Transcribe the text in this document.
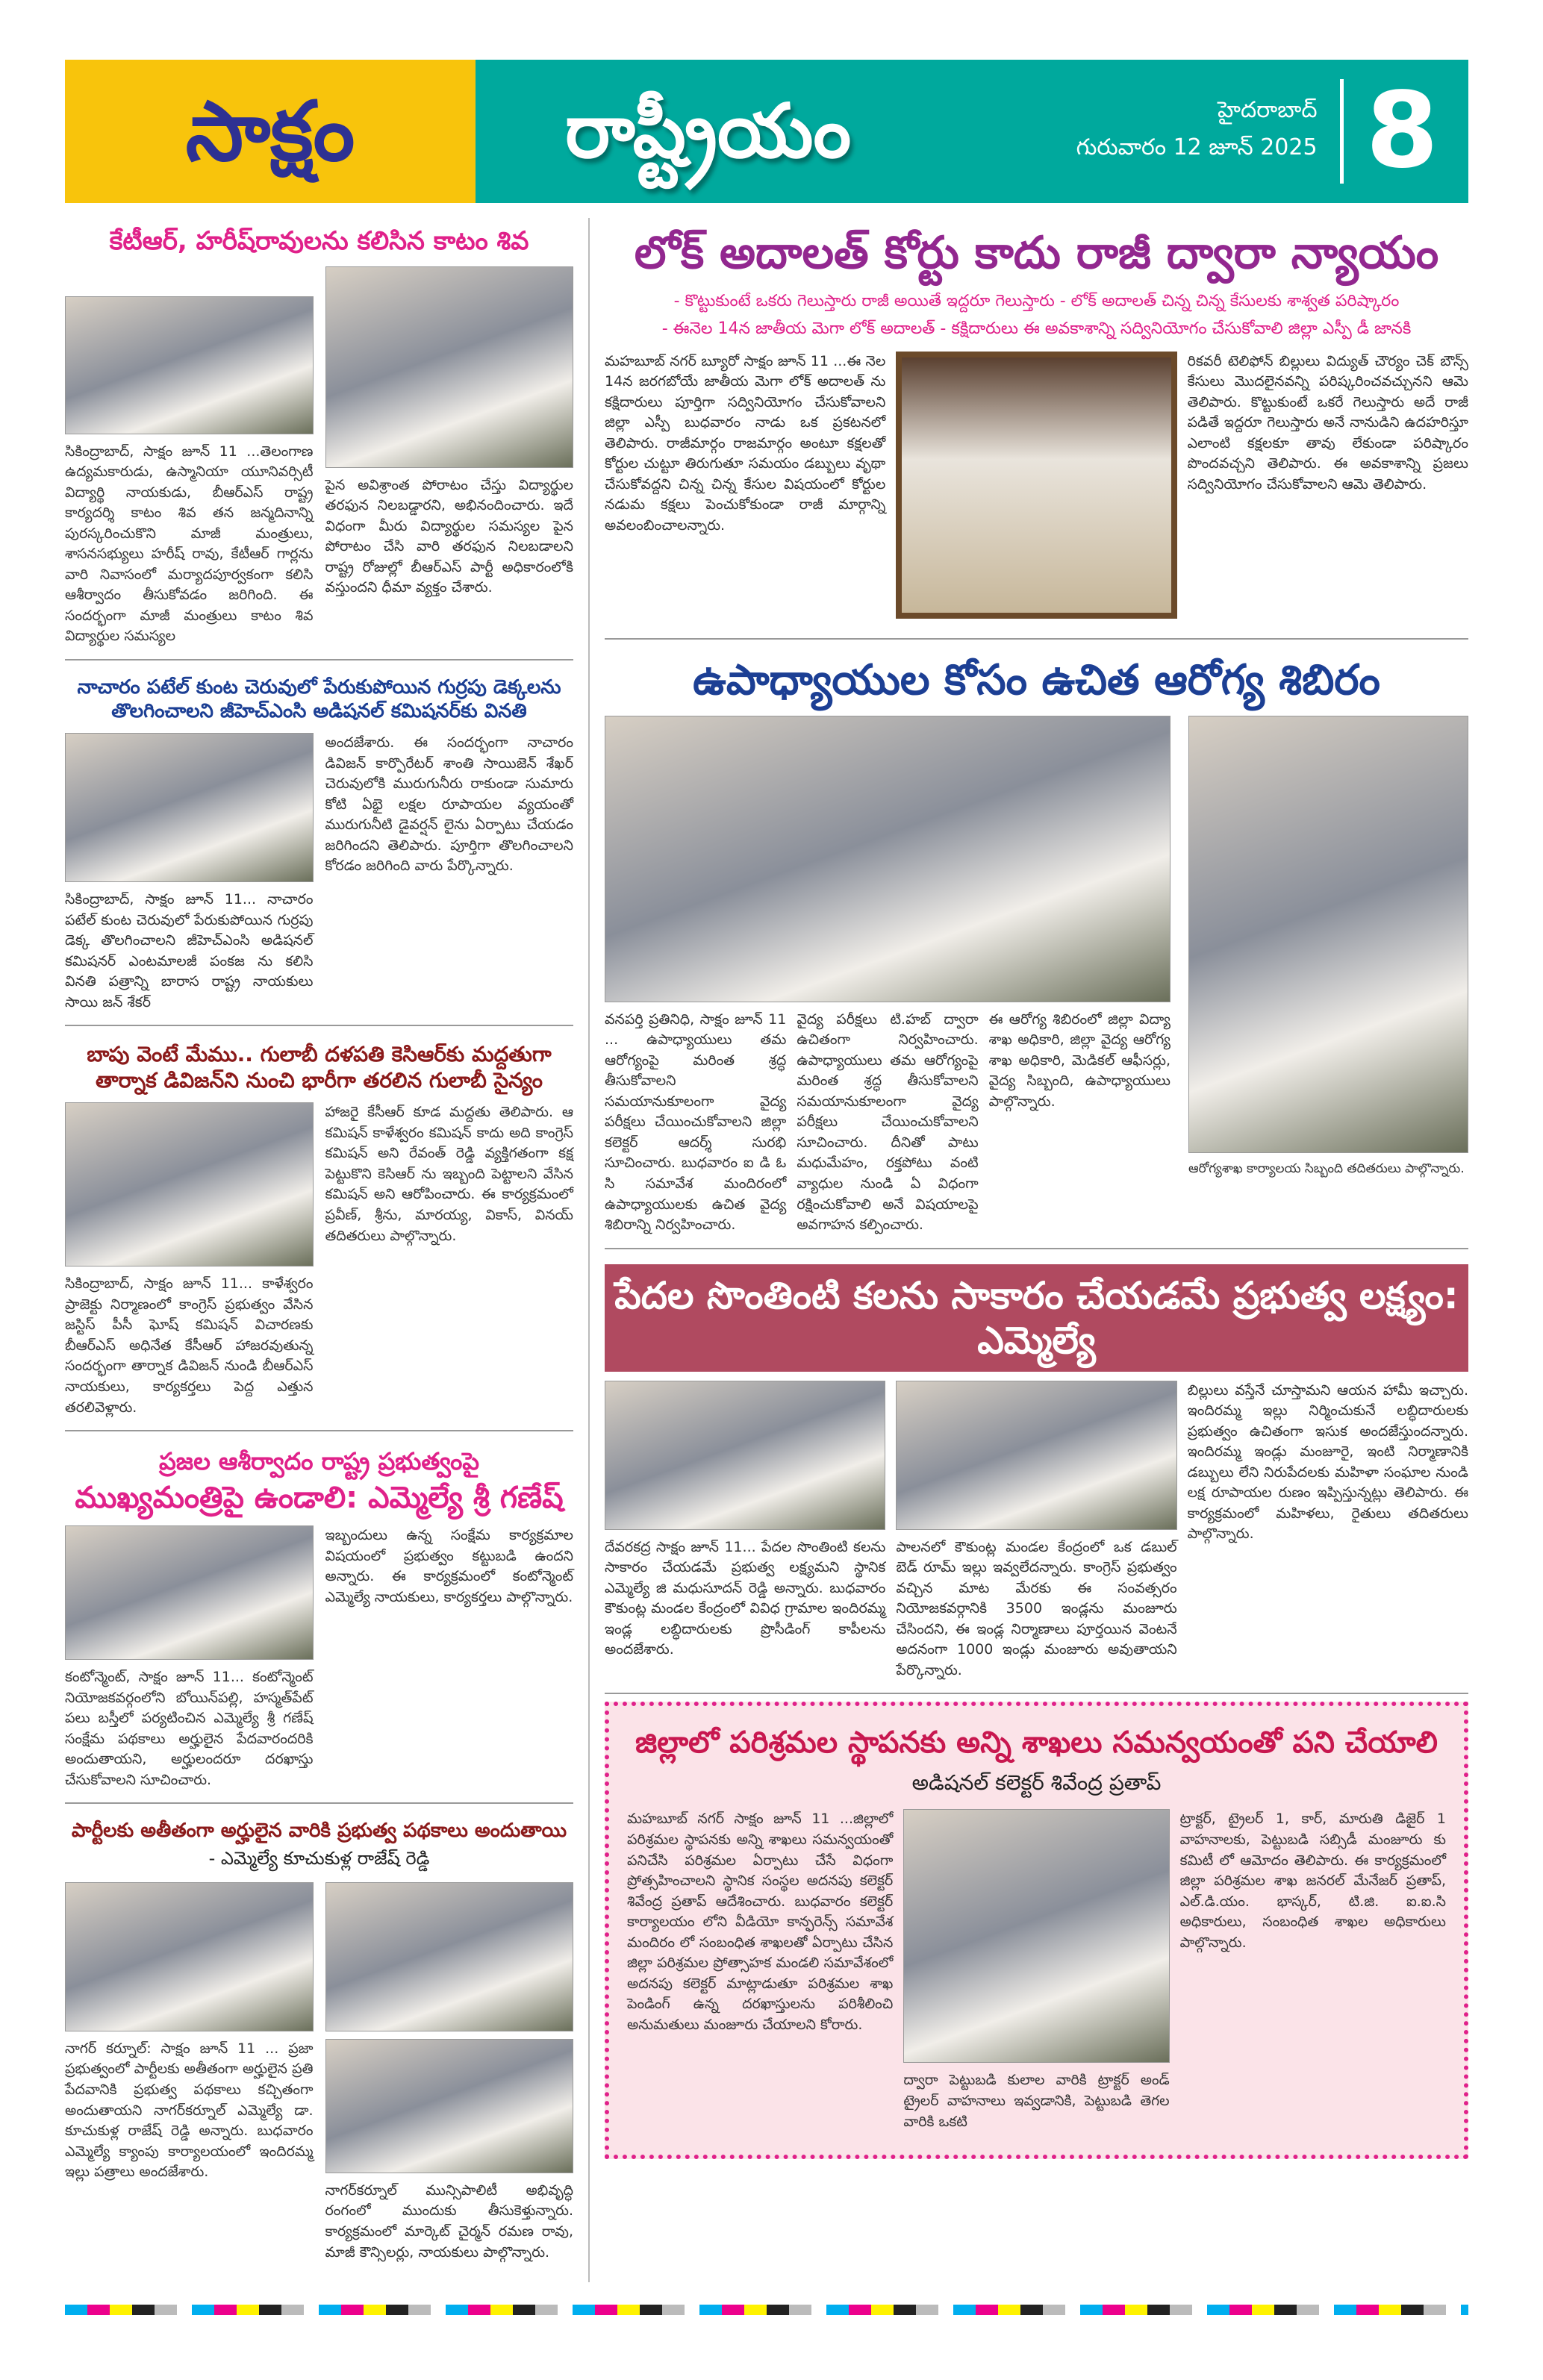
సాక్షం	రాష్ట్రీయం	హైదరాబాద్
గురువారం 12 జూన్ 2025 8
కేటీఆర్, హరీష్‌రావులను కలిసిన కాటం శివ
సికింద్రాబాద్, సాక్షం జూన్ 11 ...తెలంగాణ ఉద్యమకారుడు, ఉస్మానియా యూనివర్సిటీ విద్యార్థి నాయకుడు, బీఆర్ఎస్ రాష్ట్ర కార్యదర్శి కాటం శివ తన జన్మదినాన్ని పురస్కరించుకొని మాజీ మంత్రులు, శాసనసభ్యులు హరీష్ రావు, కేటీఆర్ గార్లను వారి నివాసంలో మర్యాదపూర్వకంగా కలిసి ఆశీర్వాదం తీసుకోవడం జరిగింది. ఈ సందర్భంగా మాజీ మంత్రులు కాటం శివ విద్యార్థుల సమస్యల
పైన అవిశ్రాంత పోరాటం చేస్తు విద్యార్థుల తరఫున నిలబడ్డారని, అభినందించారు. ఇదే విధంగా మీరు విద్యార్థుల సమస్యల పైన పోరాటం చేసి వారి తరఫున నిలబడాలని రాష్ట్ర రోజుల్లో బీఆర్ఎస్ పార్టీ అధికారంలోకి వస్తుందని ధీమా వ్యక్తం చేశారు.
నాచారం పటేల్ కుంట చెరువులో పేరుకుపోయిన గుర్రపు డెక్కలను తొలగించాలని జీహెచ్ఎంసి అడిషనల్ కమిషనర్‌కు వినతి
సికింద్రాబాద్, సాక్షం జూన్ 11... నాచారం పటేల్ కుంట చెరువులో పేరుకుపోయిన గుర్రపు డెక్క తొలగించాలని జీహెచ్ఎంసి అడిషనల్ కమిషనర్ ఎంటమాలజీ పంకజ ను కలిసి వినతి పత్రాన్ని బారాస రాష్ట్ర నాయకులు సాయి జన్ శేకర్
అందజేశారు. ఈ సందర్భంగా నాచారం డివిజన్ కార్పొరేటర్ శాంతి సాయిజెన్ శేఖర్ చెరువులోకి మురుగునీరు రాకుండా సుమారు కోటి ఏభై లక్షల రూపాయల వ్యయంతో మురుగునీటి డైవర్షన్ లైను ఏర్పాటు చేయడం జరిగిందని తెలిపారు. పూర్తిగా తొలగించాలని కోరడం జరిగింది వారు పేర్కొన్నారు.
బాపు వెంటే మేము.. గులాబీ దళపతి కెసిఆర్‌కు మద్దతుగా తార్నాక డివిజన్‌ని నుంచి భారీగా తరలిన గులాబీ సైన్యం
సికింద్రాబాద్, సాక్షం జూన్ 11... కాళేశ్వరం ప్రాజెక్టు నిర్మాణంలో కాంగ్రెస్ ప్రభుత్వం వేసిన జస్టిస్ పీసీ ఘోష్ కమిషన్ విచారణకు బీఆర్ఎస్ అధినేత కేసీఆర్ హాజరవుతున్న సందర్భంగా తార్నాక డివిజన్ నుండి బీఆర్ఎస్ నాయకులు, కార్యకర్తలు పెద్ద ఎత్తున తరలివెళ్లారు.
హాజరై కేసీఆర్ కూడ మద్దతు తెలిపారు. ఆ కమిషన్ కాళేశ్వరం కమిషన్ కాదు అది కాంగ్రెస్ కమిషన్ అని రేవంత్ రెడ్డి వ్యక్తిగతంగా కక్ష పెట్టుకొని కెసిఆర్ ను ఇబ్బంది పెట్టాలని వేసిన కమిషన్ అని ఆరోపించారు. ఈ కార్యక్రమంలో ప్రవీణ్, శ్రీను, మారయ్య, వికాస్, వినయ్ తదితరులు పాల్గొన్నారు.
ప్రజల ఆశీర్వాదం రాష్ట్ర ప్రభుత్వంపై
ముఖ్యమంత్రిపై ఉండాలి: ఎమ్మెల్యే శ్రీ గణేష్
కంటోన్మెంట్, సాక్షం జూన్ 11... కంటోన్మెంట్ నియోజకవర్గంలోని బోయిన్‌పల్లి, హస్మత్‌పేట్ పలు బస్తీలో పర్యటించిన ఎమ్మెల్యే శ్రీ గణేష్ సంక్షేమ పథకాలు అర్హులైన పేదవారందరికి అందుతాయని, అర్హులందరూ దరఖాస్తు చేసుకోవాలని సూచించారు.
ఇబ్బందులు ఉన్న సంక్షేమ కార్యక్రమాల విషయంలో ప్రభుత్వం కట్టుబడి ఉందని అన్నారు. ఈ కార్యక్రమంలో కంటోన్మెంట్ ఎమ్మెల్యే నాయకులు, కార్యకర్తలు పాల్గొన్నారు.
పార్టీలకు అతీతంగా అర్హులైన వారికి ప్రభుత్వ పథకాలు అందుతాయి
- ఎమ్మెల్యే కూచుకుళ్ల రాజేష్ రెడ్డి
నాగర్ కర్నూల్: సాక్షం జూన్ 11 ... ప్రజా ప్రభుత్వంలో పార్టీలకు అతీతంగా అర్హులైన ప్రతి పేదవానికి ప్రభుత్వ పథకాలు కచ్చితంగా అందుతాయని నాగర్‌కర్నూల్ ఎమ్మెల్యే డా. కూచుకుళ్ల రాజేష్ రెడ్డి అన్నారు. బుధవారం ఎమ్మెల్యే క్యాంపు కార్యాలయంలో ఇందిరమ్మ ఇల్లు పత్రాలు అందజేశారు.
నాగర్‌కర్నూల్ మున్సిపాలిటీ అభివృద్ధి రంగంలో ముందుకు తీసుకెళ్తున్నారు. కార్యక్రమంలో మార్కెట్ చైర్మన్ రమణ రావు, మాజీ కౌన్సిలర్లు, నాయకులు పాల్గొన్నారు.
లోక్ అదాలత్ కోర్టు కాదు రాజీ ద్వారా న్యాయం
- కొట్టుకుంటే ఒకరు గెలుస్తారు రాజీ అయితే ఇద్దరూ గెలుస్తారు - లోక్ అదాలత్ చిన్న చిన్న కేసులకు శాశ్వత పరిష్కారం
- ఈనెల 14న జాతీయ మెగా లోక్ అదాలత్ - కక్షిదారులు ఈ అవకాశాన్ని సద్వినియోగం చేసుకోవాలి జిల్లా ఎస్పీ డీ జానకి
మహబూబ్ నగర్ బ్యూరో సాక్షం జూన్ 11 ...ఈ నెల 14న జరగబోయే జాతీయ మెగా లోక్ అదాలత్ ను కక్షిదారులు పూర్తిగా సద్వినియోగం చేసుకోవాలని జిల్లా ఎస్పీ బుధవారం నాడు ఒక ప్రకటనలో తెలిపారు. రాజీమార్గం రాజమార్గం అంటూ కక్షలతో కోర్టుల చుట్టూ తిరుగుతూ సమయం డబ్బులు వృథా చేసుకోవద్దని చిన్న చిన్న కేసుల విషయంలో కోర్టుల నడుమ కక్షలు పెంచుకోకుండా రాజీ మార్గాన్ని అవలంబించాలన్నారు.
రికవరీ టెలిఫోన్ బిల్లులు విద్యుత్ చౌర్యం చెక్ బౌన్స్ కేసులు మొదలైనవన్ని పరిష్కరించవచ్చునని ఆమె తెలిపారు. కొట్టుకుంటే ఒకరే గెలుస్తారు అదే రాజీ పడితే ఇద్దరూ గెలుస్తారు అనే నానుడిని ఉదహరిస్తూ ఎలాంటి కక్షలకూ తావు లేకుండా పరిష్కారం పొందవచ్చని తెలిపారు. ఈ అవకాశాన్ని ప్రజలు సద్వినియోగం చేసుకోవాలని ఆమె తెలిపారు.
ఉపాధ్యాయుల కోసం ఉచిత ఆరోగ్య శిబిరం
వనపర్తి ప్రతినిధి, సాక్షం జూన్ 11 ... ఉపాధ్యాయులు తమ ఆరోగ్యంపై మరింత శ్రద్ధ తీసుకోవాలని సమయానుకూలంగా వైద్య పరీక్షలు చేయించుకోవాలని జిల్లా కలెక్టర్ ఆదర్శ్ సురభి సూచించారు. బుధవారం ఐ డి ఓ సి సమావేశ మందిరంలో ఉపాధ్యాయులకు ఉచిత వైద్య శిబిరాన్ని నిర్వహించారు.
వైద్య పరీక్షలు టి.హబ్ ద్వారా ఉచితంగా నిర్వహించారు. ఉపాధ్యాయులు తమ ఆరోగ్యంపై మరింత శ్రద్ధ తీసుకోవాలని సమయానుకూలంగా వైద్య పరీక్షలు చేయించుకోవాలని సూచించారు. దీనితో పాటు మధుమేహం, రక్తపోటు వంటి వ్యాధుల నుండి ఏ విధంగా రక్షించుకోవాలి అనే విషయాలపై అవగాహన కల్పించారు.
ఈ ఆరోగ్య శిబిరంలో జిల్లా విద్యా శాఖ అధికారి, జిల్లా వైద్య ఆరోగ్య శాఖ అధికారి, మెడికల్ ఆఫీసర్లు, వైద్య సిబ్బంది, ఉపాధ్యాయులు పాల్గొన్నారు.
ఆరోగ్యశాఖ కార్యాలయ సిబ్బంది తదితరులు పాల్గొన్నారు.
పేదల సొంతింటి కలను సాకారం చేయడమే ప్రభుత్వ లక్ష్యం: ఎమ్మెల్యే
దేవరకద్ర సాక్షం జూన్ 11... పేదల సొంతింటి కలను సాకారం చేయడమే ప్రభుత్వ లక్ష్యమని స్థానిక ఎమ్మెల్యే జి మధుసూదన్ రెడ్డి అన్నారు. బుధవారం కౌకుంట్ల మండల కేంద్రంలో వివిధ గ్రామాల ఇందిరమ్మ ఇండ్ల లబ్ధిదారులకు ప్రొసీడింగ్ కాపీలను అందజేశారు.
పాలనలో కౌకుంట్ల మండల కేంద్రంలో ఒక డబుల్ బెడ్ రూమ్ ఇల్లు ఇవ్వలేదన్నారు. కాంగ్రెస్ ప్రభుత్వం వచ్చిన మాట మేరకు ఈ సంవత్సరం నియోజకవర్గానికి 3500 ఇండ్లను మంజూరు చేసిందని, ఈ ఇండ్ల నిర్మాణాలు పూర్తయిన వెంటనే అదనంగా 1000 ఇండ్లు మంజూరు అవుతాయని పేర్కొన్నారు.
బిల్లులు వస్తేనే చూస్తామని ఆయన హామీ ఇచ్చారు. ఇందిరమ్మ ఇల్లు నిర్మించుకునే లబ్ధిదారులకు ప్రభుత్వం ఉచితంగా ఇసుక అందజేస్తుందన్నారు. ఇందిరమ్మ ఇండ్లు మంజూరై, ఇంటి నిర్మాణానికి డబ్బులు లేని నిరుపేదలకు మహిళా సంఘాల నుండి లక్ష రూపాయల రుణం ఇప్పిస్తున్నట్లు తెలిపారు. ఈ కార్యక్రమంలో మహిళలు, రైతులు తదితరులు పాల్గొన్నారు.
జిల్లాలో పరిశ్రమల స్థాపనకు అన్ని శాఖలు సమన్వయంతో పని చేయాలి
అడిషనల్ కలెక్టర్ శివేంద్ర ప్రతాప్
మహబూబ్ నగర్ సాక్షం జూన్ 11 ...జిల్లాలో పరిశ్రమల స్థాపనకు అన్ని శాఖలు సమన్వయంతో పనిచేసి పరిశ్రమల ఏర్పాటు చేసే విధంగా ప్రోత్సహించాలని స్థానిక సంస్థల అదనపు కలెక్టర్ శివేంద్ర ప్రతాప్ ఆదేశించారు. బుధవారం కలెక్టర్ కార్యాలయం లోని వీడియో కాన్ఫరెన్స్ సమావేశ మందిరం లో సంబంధిత శాఖలతో ఏర్పాటు చేసిన జిల్లా పరిశ్రమల ప్రోత్సాహక మండలి సమావేశంలో అదనపు కలెక్టర్ మాట్లాడుతూ పరిశ్రమల శాఖ పెండింగ్ ఉన్న దరఖాస్తులను పరిశీలించి అనుమతులు మంజూరు చేయాలని కోరారు.
ద్వారా పెట్టుబడి కులాల వారికి ట్రాక్టర్ అండ్ ట్రైలర్ వాహనాలు ఇవ్వడానికి, పెట్టుబడి తెగల వారికి ఒకటి
ట్రాక్టర్, ట్రైలర్ 1, కార్, మారుతి డిజైర్ 1 వాహనాలకు, పెట్టుబడి సబ్సిడీ మంజూరు కు కమిటీ లో ఆమోదం తెలిపారు. ఈ కార్యక్రమంలో జిల్లా పరిశ్రమల శాఖ జనరల్ మేనేజర్ ప్రతాప్, ఎల్.డి.యం. భాస్కర్, టి.జి. ఐ.ఐ.సి అధికారులు, సంబంధిత శాఖల అధికారులు పాల్గొన్నారు.
